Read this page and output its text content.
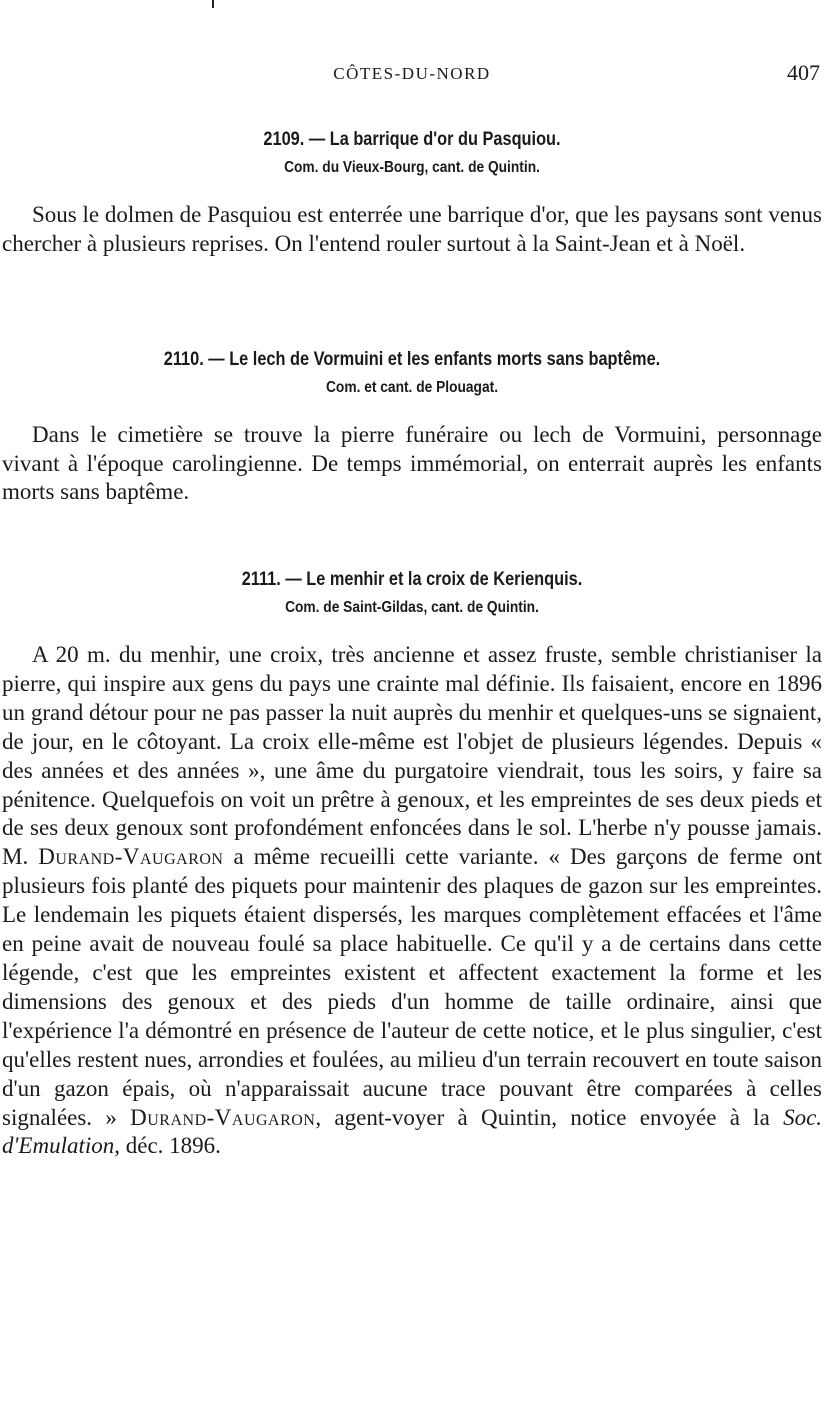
CÔTES-DU-NORD	407
2109. — La barrique d'or du Pasquiou.
Com. du Vieux-Bourg, cant. de Quintin.

Sous le dolmen de Pasquiou est enterrée une barrique d'or, que les paysans sont venus chercher à plusieurs reprises. On l'entend rouler surtout à la Saint-Jean et à Noël.

2110. — Le lech de Vormuini et les enfants morts sans baptême.
Com. et cant. de Plouagat.

Dans le cimetière se trouve la pierre funéraire ou lech de Vormuini, personnage vivant à l'époque carolingienne. De temps immémorial, on enterrait auprès les enfants morts sans baptême.

2111. — Le menhir et la croix de Kerienquis.
Com. de Saint-Gildas, cant. de Quintin.

A 20 m. du menhir, une croix, très ancienne et assez fruste, semble christianiser la pierre, qui inspire aux gens du pays une crainte mal définie. Ils faisaient, encore en 1896 un grand détour pour ne pas passer la nuit auprès du menhir et quelques-uns se signaient, de jour, en le côtoyant. La croix elle-même est l'objet de plusieurs légendes. Depuis « des années et des années », une âme du purgatoire viendrait, tous les soirs, y faire sa pénitence. Quelquefois on voit un prêtre à genoux, et les empreintes de ses deux pieds et de ses deux genoux sont profondément enfoncées dans le sol. L'herbe n'y pousse jamais. M. Durand-Vaugaron a même recueilli cette variante. « Des garçons de ferme ont plusieurs fois planté des piquets pour maintenir des plaques de gazon sur les empreintes. Le lendemain les piquets étaient dispersés, les marques complètement effacées et l'âme en peine avait de nouveau foulé sa place habituelle. Ce qu'il y a de certains dans cette légende, c'est que les empreintes existent et affectent exactement la forme et les dimensions des genoux et des pieds d'un homme de taille ordinaire, ainsi que l'expérience l'a démontré en présence de l'auteur de cette notice, et le plus singulier, c'est qu'elles restent nues, arrondies et foulées, au milieu d'un terrain recouvert en toute saison d'un gazon épais, où n'apparaissait aucune trace pouvant être comparées à celles signalées. » Durand-Vaugaron, agent-voyer à Quintin, notice envoyée à la Soc. d'Emulation, déc. 1896.
